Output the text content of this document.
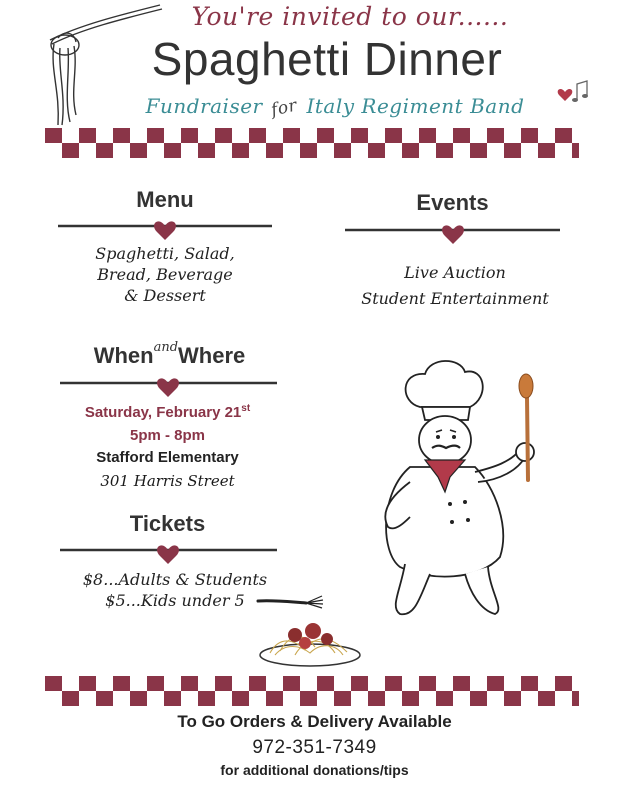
You're invited to our......
Spaghetti Dinner
Fundraiser for Italy Regiment Band
Menu
Spaghetti, Salad,
Bread, Beverage
& Dessert
Events
Live Auction
Student Entertainment
When$^{and}$Where
Saturday, February 21st
5pm - 8pm
Stafford Elementary
301 Harris Street
Tickets
$8...Adults & Students
$5...Kids under 5
To Go Orders & Delivery Available
972-351-7349
for additional donations/tips
